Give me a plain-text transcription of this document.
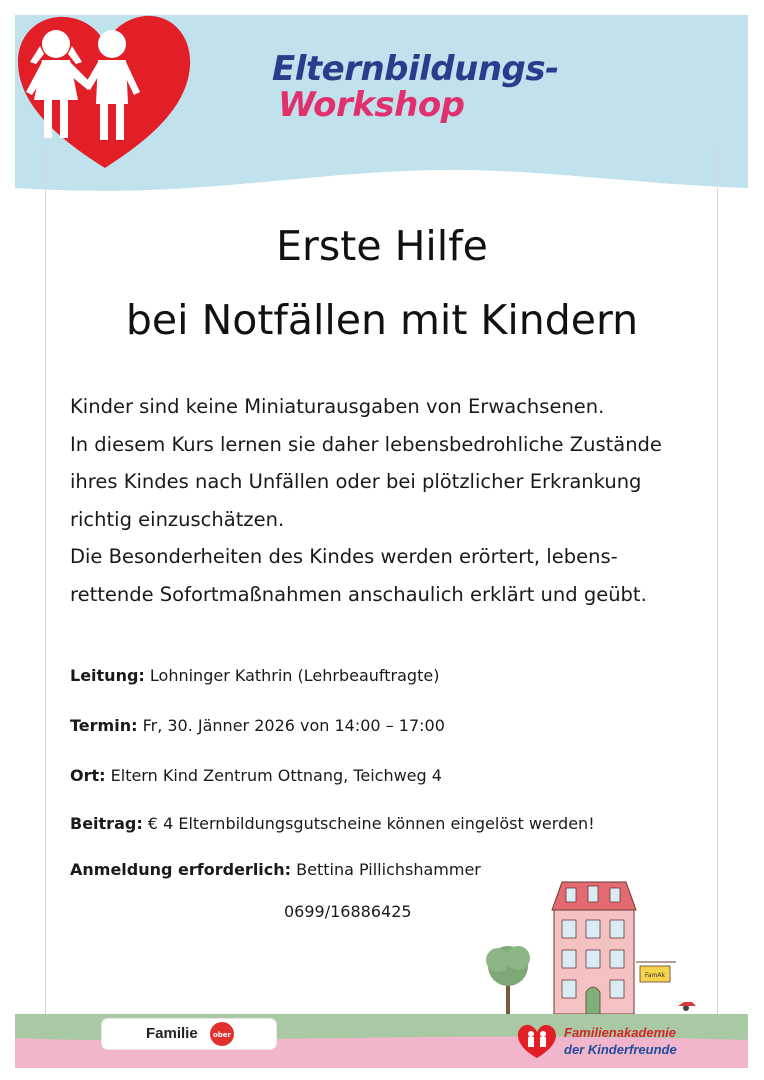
Elternbildungs-
Workshop
Erste Hilfe
bei Notfällen mit Kindern
Kinder sind keine Miniaturausgaben von Erwachsenen.
In diesem Kurs lernen sie daher lebensbedrohliche Zustände
ihres Kindes nach Unfällen oder bei plötzlicher Erkrankung
richtig einzuschätzen.
Die Besonderheiten des Kindes werden erörtert, lebens-
rettende Sofortmaßnahmen anschaulich erklärt und geübt.
Leitung: Lohninger Kathrin (Lehrbeauftragte)
Termin: Fr, 30. Jänner 2026 von 14:00 – 17:00
Ort: Eltern Kind Zentrum Ottnang, Teichweg 4
Beitrag: € 4 Elternbildungsgutscheine können eingelöst werden!
Anmeldung erforderlich: Bettina Pillichshammer
0699/16886425
FamAk
Familie	ober	Familienakademie
der Kinderfreunde
